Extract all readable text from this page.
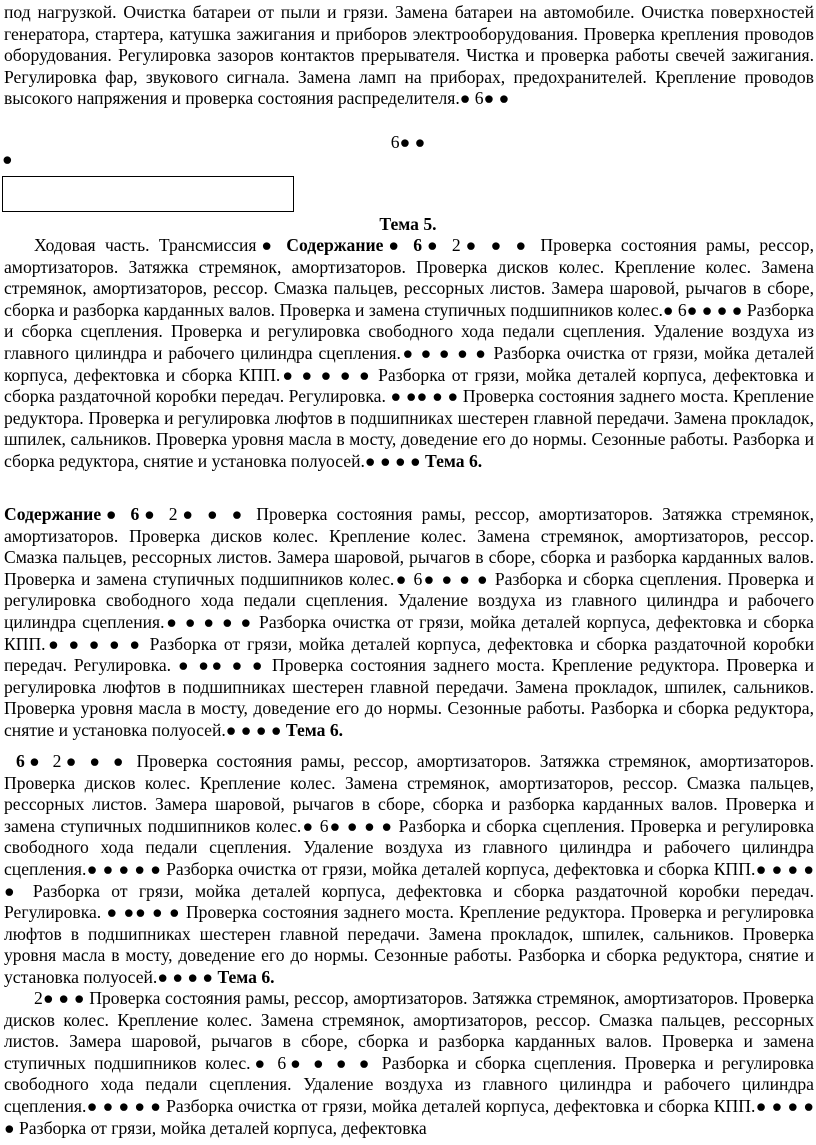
под нагрузкой. Очистка батареи от пыли и грязи. Замена батареи на автомобиле. Очистка поверхностей генератора, стартера, катушка зажигания и приборов электрооборудования. Проверка крепления проводов оборудования. Регулировка зазоров контактов прерывателя. Чистка и проверка работы свечей зажигания. Регулировка фар, звукового сигнала. Замена ламп на приборах, предохранителей. Крепление проводов высокого напряжения и проверка состояния распределителя.● 6● ●

6● ●
●
Тема 5.

Ходовая часть. Трансмиссия● Содержание● 6● 2● ● ● Проверка состояния рамы, рессор, амортизаторов. Затяжка стремянок, амортизаторов. Проверка дисков колес. Крепление колес. Замена стремянок, амортизаторов, рессор. Смазка пальцев, рессорных листов. Замера шаровой, рычагов в сборе, сборка и разборка карданных валов. Проверка и замена ступичных подшипников колес.● 6● ● ● ● Разборка и сборка сцепления. Проверка и регулировка свободного хода педали сцепления. Удаление воздуха из главного цилиндра и рабочего цилиндра сцепления.● ● ● ● ● Разборка очистка от грязи, мойка деталей корпуса, дефектовка и сборка КПП.● ● ● ● ● Разборка от грязи, мойка деталей корпуса, дефектовка и сборка раздаточной коробки передач. Регулировка. ● ●● ● ● Проверка состояния заднего моста. Крепление редуктора. Проверка и регулировка люфтов в подшипниках шестерен главной передачи. Замена прокладок, шпилек, сальников. Проверка уровня масла в мосту, доведение его до нормы. Сезонные работы. Разборка и сборка редуктора, снятие и установка полуосей.● ● ● ● Тема 6.

Содержание● 6● 2● ● ● Проверка состояния рамы, рессор, амортизаторов. Затяжка стремянок, амортизаторов. Проверка дисков колес. Крепление колес. Замена стремянок, амортизаторов, рессор. Смазка пальцев, рессорных листов. Замера шаровой, рычагов в сборе, сборка и разборка карданных валов. Проверка и замена ступичных подшипников колес.● 6● ● ● ● Разборка и сборка сцепления. Проверка и регулировка свободного хода педали сцепления. Удаление воздуха из главного цилиндра и рабочего цилиндра сцепления.● ● ● ● ● Разборка очистка от грязи, мойка деталей корпуса, дефектовка и сборка КПП.● ● ● ● ● Разборка от грязи, мойка деталей корпуса, дефектовка и сборка раздаточной коробки передач. Регулировка. ● ●● ● ● Проверка состояния заднего моста. Крепление редуктора. Проверка и регулировка люфтов в подшипниках шестерен главной передачи. Замена прокладок, шпилек, сальников. Проверка уровня масла в мосту, доведение его до нормы. Сезонные работы. Разборка и сборка редуктора, снятие и установка полуосей.● ● ● ● Тема 6.

6● 2● ● ● Проверка состояния рамы, рессор, амортизаторов. Затяжка стремянок, амортизаторов. Проверка дисков колес. Крепление колес. Замена стремянок, амортизаторов, рессор. Смазка пальцев, рессорных листов. Замера шаровой, рычагов в сборе, сборка и разборка карданных валов. Проверка и замена ступичных подшипников колес.● 6● ● ● ● Разборка и сборка сцепления. Проверка и регулировка свободного хода педали сцепления. Удаление воздуха из главного цилиндра и рабочего цилиндра сцепления.● ● ● ● ● Разборка очистка от грязи, мойка деталей корпуса, дефектовка и сборка КПП.● ● ● ● ● Разборка от грязи, мойка деталей корпуса, дефектовка и сборка раздаточной коробки передач. Регулировка. ● ●● ● ● Проверка состояния заднего моста. Крепление редуктора. Проверка и регулировка люфтов в подшипниках шестерен главной передачи. Замена прокладок, шпилек, сальников. Проверка уровня масла в мосту, доведение его до нормы. Сезонные работы. Разборка и сборка редуктора, снятие и установка полуосей.● ● ● ● Тема 6.

2● ● ● Проверка состояния рамы, рессор, амортизаторов. Затяжка стремянок, амортизаторов. Проверка дисков колес. Крепление колес. Замена стремянок, амортизаторов, рессор. Смазка пальцев, рессорных листов. Замера шаровой, рычагов в сборе, сборка и разборка карданных валов. Проверка и замена ступичных подшипников колес.● 6● ● ● ● Разборка и сборка сцепления. Проверка и регулировка свободного хода педали сцепления. Удаление воздуха из главного цилиндра и рабочего цилиндра сцепления.● ● ● ● ● Разборка очистка от грязи, мойка деталей корпуса, дефектовка и сборка КПП.● ● ● ● ● Разборка от грязи, мойка деталей корпуса, дефектовка
